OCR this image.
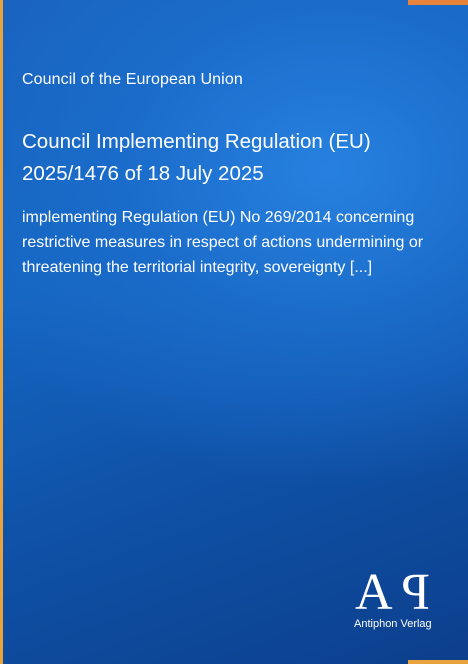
Council of the European Union
Council Implementing Regulation (EU) 2025/1476 of 18 July 2025

implementing Regulation (EU) No 269/2014 concerning restrictive measures in respect of actions undermining or threatening the territorial integrity, sovereignty [...]

A P
Antiphon Verlag
